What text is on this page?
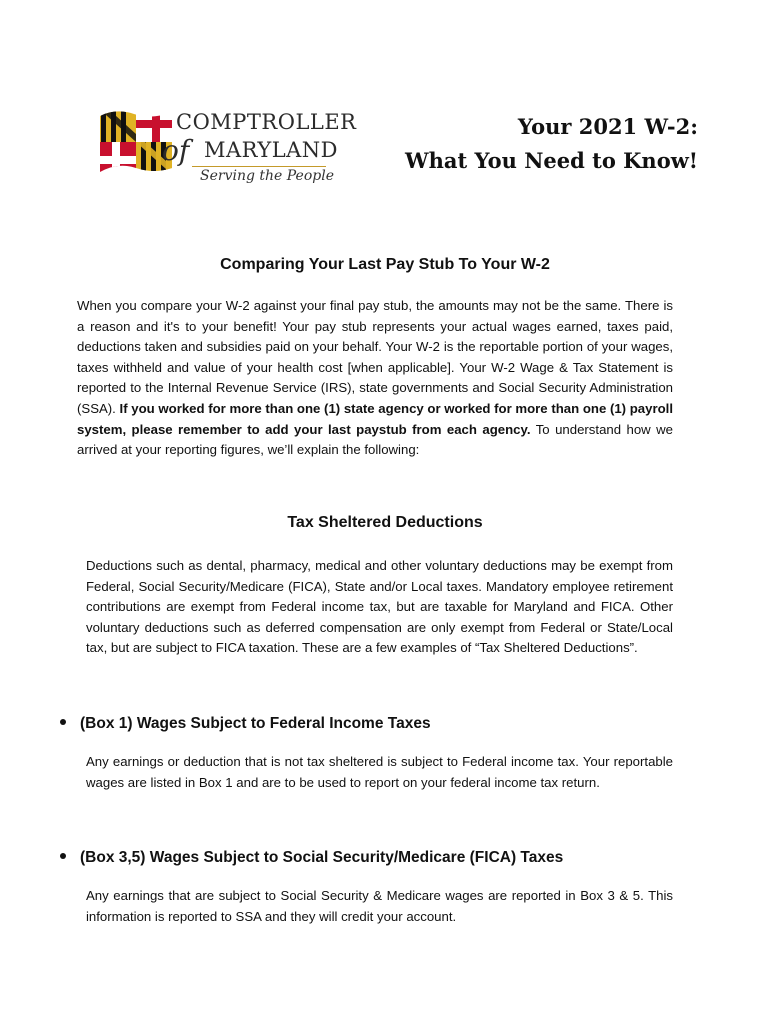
COMPTROLLER
of MARYLAND
Serving the People
Your 2021 W-2:
What You Need to Know!
Comparing Your Last Pay Stub To Your W-2
When you compare your W-2 against your final pay stub, the amounts may not be the same. There is a reason and it's to your benefit! Your pay stub represents your actual wages earned, taxes paid, deductions taken and subsidies paid on your behalf. Your W-2 is the reportable portion of your wages, taxes withheld and value of your health cost [when applicable]. Your W-2 Wage & Tax Statement is reported to the Internal Revenue Service (IRS), state governments and Social Security Administration (SSA). If you worked for more than one (1) state agency or worked for more than one (1) payroll system, please remember to add your last paystub from each agency. To understand how we arrived at your reporting figures, we’ll explain the following:
Tax Sheltered Deductions
Deductions such as dental, pharmacy, medical and other voluntary deductions may be exempt from Federal, Social Security/Medicare (FICA), State and/or Local taxes. Mandatory employee retirement contributions are exempt from Federal income tax, but are taxable for Maryland and FICA. Other voluntary deductions such as deferred compensation are only exempt from Federal or State/Local tax, but are subject to FICA taxation. These are a few examples of “Tax Sheltered Deductions”.
(Box 1) Wages Subject to Federal Income Taxes
Any earnings or deduction that is not tax sheltered is subject to Federal income tax. Your reportable wages are listed in Box 1 and are to be used to report on your federal income tax return.
(Box 3,5) Wages Subject to Social Security/Medicare (FICA) Taxes
Any earnings that are subject to Social Security & Medicare wages are reported in Box 3 & 5. This information is reported to SSA and they will credit your account.
